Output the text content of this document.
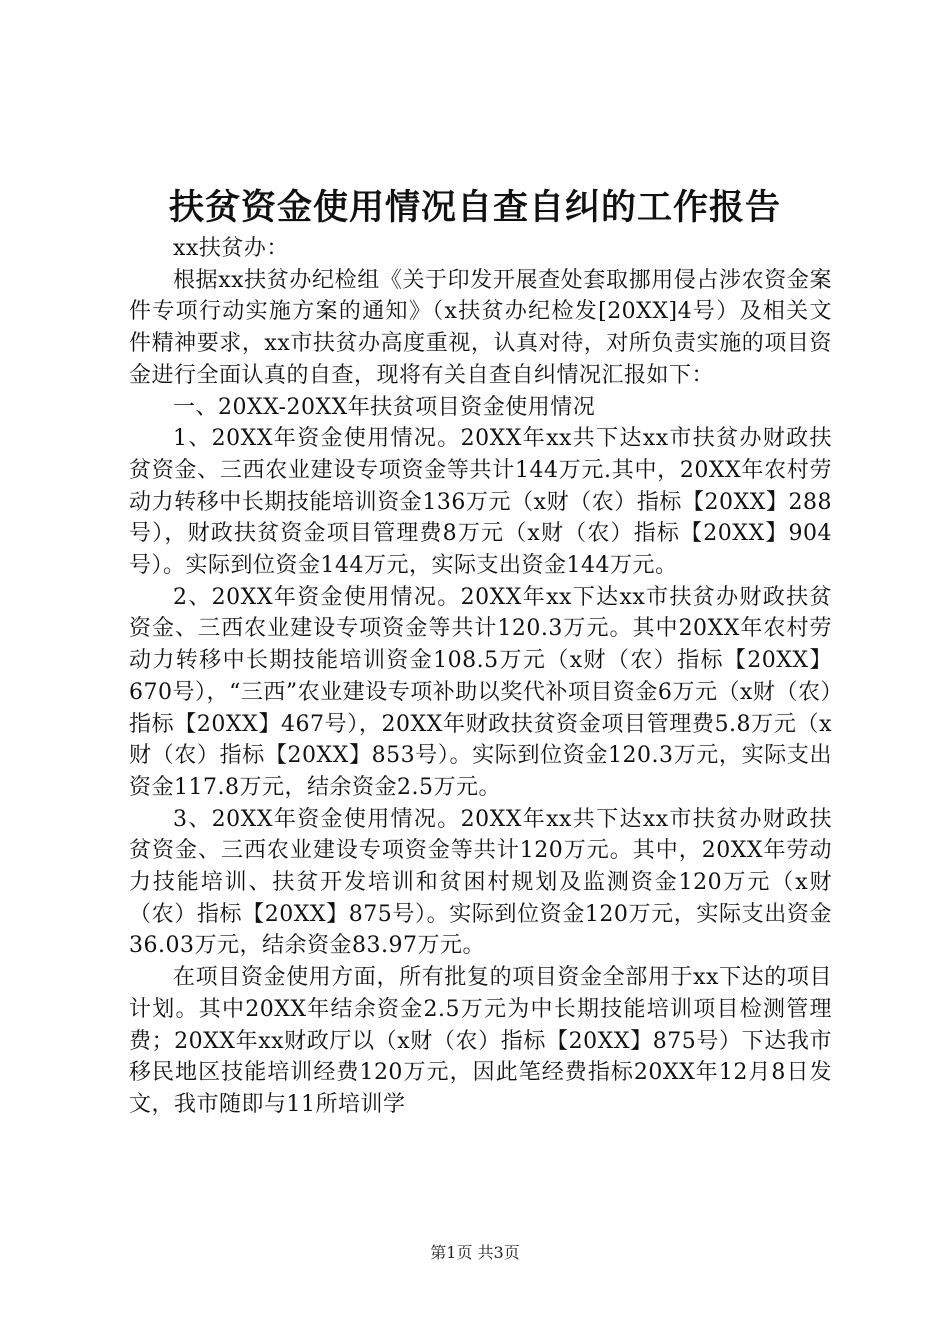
扶贫资金使用情况自查自纠的工作报告

xx扶贫办：

根据xx扶贫办纪检组《关于印发开展查处套取挪用侵占涉农资金案件专项行动实施方案的通知》（x扶贫办纪检发[20XX]4号）及相关文件精神要求，xx市扶贫办高度重视，认真对待，对所负责实施的项目资金进行全面认真的自查，现将有关自查自纠情况汇报如下：

一、20XX-20XX年扶贫项目资金使用情况

1、20XX年资金使用情况。20XX年xx共下达xx市扶贫办财政扶贫资金、三西农业建设专项资金等共计144万元.其中，20XX年农村劳动力转移中长期技能培训资金136万元（x财（农）指标【20XX】288号），财政扶贫资金项目管理费8万元（x财（农）指标【20XX】904号）。实际到位资金144万元，实际支出资金144万元。

2、20XX年资金使用情况。20XX年xx下达xx市扶贫办财政扶贫资金、三西农业建设专项资金等共计120.3万元。其中20XX年农村劳动力转移中长期技能培训资金108.5万元（x财（农）指标【20XX】670号），“三西”农业建设专项补助以奖代补项目资金6万元（x财（农）指标【20XX】467号），20XX年财政扶贫资金项目管理费5.8万元（x财（农）指标【20XX】853号）。实际到位资金120.3万元，实际支出资金117.8万元，结余资金2.5万元。

3、20XX年资金使用情况。20XX年xx共下达xx市扶贫办财政扶贫资金、三西农业建设专项资金等共计120万元。其中，20XX年劳动力技能培训、扶贫开发培训和贫困村规划及监测资金120万元（x财（农）指标【20XX】875号）。实际到位资金120万元，实际支出资金36.03万元，结余资金83.97万元。

在项目资金使用方面，所有批复的项目资金全部用于xx下达的项目计划。其中20XX年结余资金2.5万元为中长期技能培训项目检测管理费；20XX年xx财政厅以（x财（农）指标【20XX】875号）下达我市移民地区技能培训经费120万元，因此笔经费指标20XX年12月8日发文，我市随即与11所培训学

第1页 共3页
